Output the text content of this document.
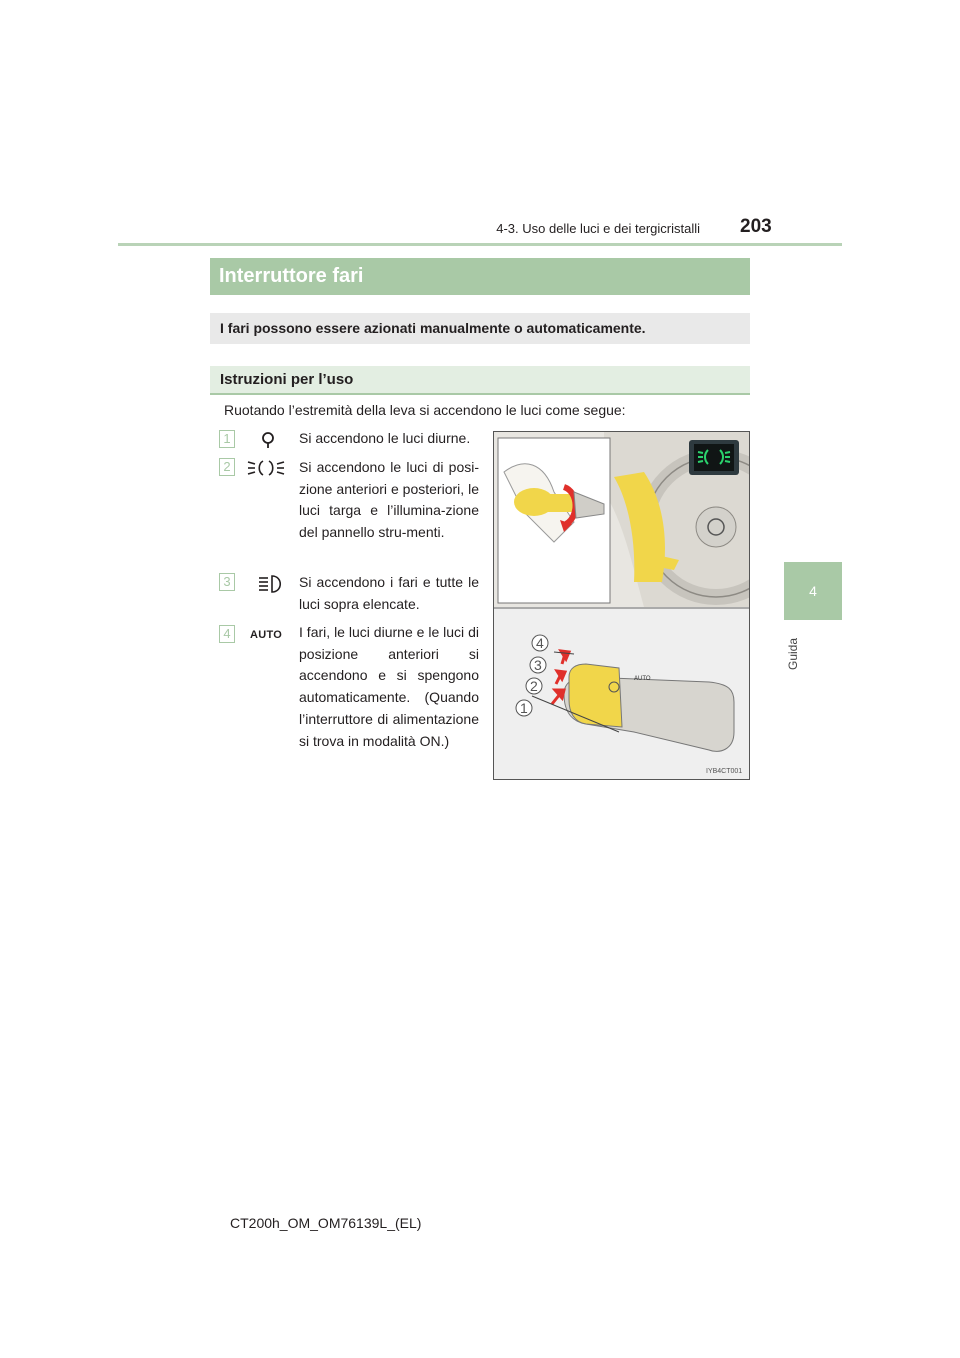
4-3. Uso delle luci e dei tergicristalli 203
4
Guida
Interruttore fari
I fari possono essere azionati manualmente o automaticamente.
Istruzioni per l’uso
Ruotando l’estremità della leva si accendono le luci come segue:
1	Si accendono le luci diurne.
2	Si accendono le luci di posi-zione anteriori e posteriori, le luci targa e l’illumina-zione del pannello stru-menti.
3	Si accendono i fari e tutte le luci sopra elencate.
4	AUTO I fari, le luci diurne e le luci di posizione anteriori si accendono e si spengono automaticamente. (Quando l’interruttore di alimentazione si trova in modalità ON.)
AUTO
1
2
3
4
IYB4CT001
CT200h_OM_OM76139L_(EL)
